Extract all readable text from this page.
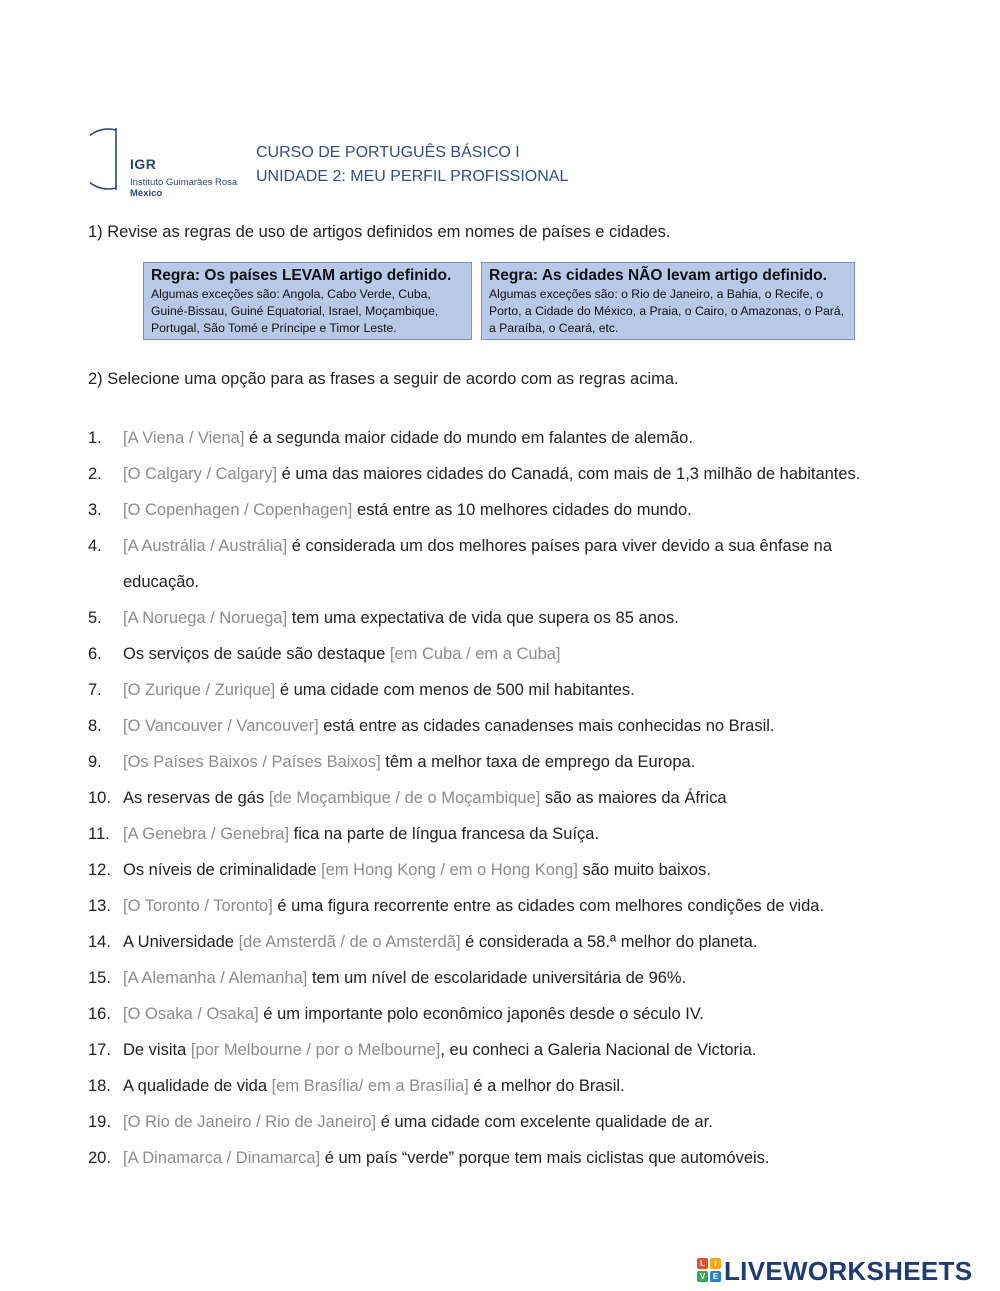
IGR
Instituto Guimarães Rosa
México
CURSO DE PORTUGUÊS BÁSICO I
UNIDADE 2: MEU PERFIL PROFISSIONAL
1) Revise as regras de uso de artigos definidos em nomes de países e cidades.
Regra: Os países LEVAM artigo definido.
Algumas exceções são: Angola, Cabo Verde, Cuba, Guiné-Bissau, Guiné Equatorial, Israel, Moçambique, Portugal, São Tomé e Príncipe e Timor Leste.
Regra: As cidades NÃO levam artigo definido.
Algumas exceções são: o Rio de Janeiro, a Bahia, o Recife, o Porto, a Cidade do México, a Praia, o Cairo, o Amazonas, o Pará, a Paraíba, o Ceará, etc.
2) Selecione uma opção para as frases a seguir de acordo com as regras acima.
1.	[A Viena / Viena] é a segunda maior cidade do mundo em falantes de alemão.
2.	[O Calgary / Calgary] é uma das maiores cidades do Canadá, com mais de 1,3 milhão de habitantes.
3.	[O Copenhagen / Copenhagen] está entre as 10 melhores cidades do mundo.
4.	[A Austrália / Austrália] é considerada um dos melhores países para viver devido a sua ênfase na
educação.
5.	[A Noruega / Noruega] tem uma expectativa de vida que supera os 85 anos.
6.	Os serviços de saúde são destaque [em Cuba / em a Cuba]
7.	[O Zurique / Zurique] é uma cidade com menos de 500 mil habitantes.
8.	[O Vancouver / Vancouver] está entre as cidades canadenses mais conhecidas no Brasil.
9.	[Os Países Baixos / Países Baixos] têm a melhor taxa de emprego da Europa.
10. As reservas de gás [de Moçambique / de o Moçambique] são as maiores da África
11. [A Genebra / Genebra] fica na parte de língua francesa da Suíça.
12. Os níveis de criminalidade [em Hong Kong / em o Hong Kong] são muito baixos.
13. [O Toronto / Toronto] é uma figura recorrente entre as cidades com melhores condições de vida.
14. A Universidade [de Amsterdã / de o Amsterdã] é considerada a 58.ª melhor do planeta.
15. [A Alemanha / Alemanha] tem um nível de escolaridade universitária de 96%.
16. [O Osaka / Osaka] é um importante polo econômico japonês desde o século IV.
17. De visita [por Melbourne / por o Melbourne], eu conheci a Galeria Nacional de Victoria.
18. A qualidade de vida [em Brasília/ em a Brasília] é a melhor do Brasil.
19. [O Rio de Janeiro / Rio de Janeiro] é uma cidade com excelente qualidade de ar.
20. [A Dinamarca / Dinamarca] é um país “verde” porque tem mais ciclistas que automóveis.
L	I
V E LIVEWORKSHEETS
